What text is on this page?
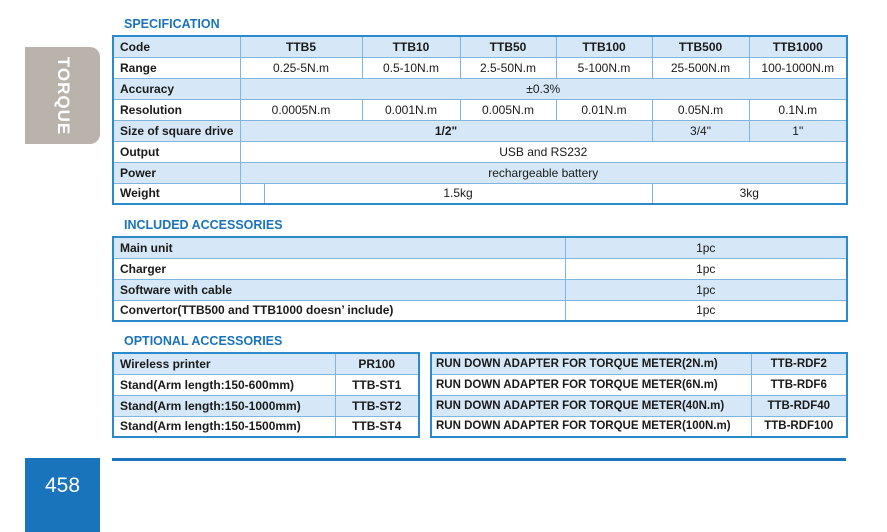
TORQUE
458
SPECIFICATION
Code	TTB5		TTB10	TTB50	TTB100	TTB500	TTB1000
Range	0.25-5N.m		0.5-10N.m	2.5-50N.m	5-100N.m	25-500N.m	100-1000N.m
Accuracy	±0.3%						
Resolution	0.0005N.m		0.001N.m	0.005N.m	0.01N.m	0.05N.m	0.1N.m
Size of square drive	1/2"					3/4"	1"
Output	USB and RS232						
Power	rechargeable battery						
Weight		1.5kg				3kg	
INCLUDED ACCESSORIES
Main unit	1pc
Charger	1pc
Software with cable	1pc
Convertor(TTB500 and TTB1000 doesn’ include)	1pc
OPTIONAL ACCESSORIES
Wireless printer	PR100
Stand(Arm length:150-600mm)	TTB-ST1
Stand(Arm length:150-1000mm)	TTB-ST2
Stand(Arm length:150-1500mm)	TTB-ST4
RUN DOWN ADAPTER FOR TORQUE METER(2N.m)	TTB-RDF2
RUN DOWN ADAPTER FOR TORQUE METER(6N.m)	TTB-RDF6
RUN DOWN ADAPTER FOR TORQUE METER(40N.m)	TTB-RDF40
RUN DOWN ADAPTER FOR TORQUE METER(100N.m)	TTB-RDF100
